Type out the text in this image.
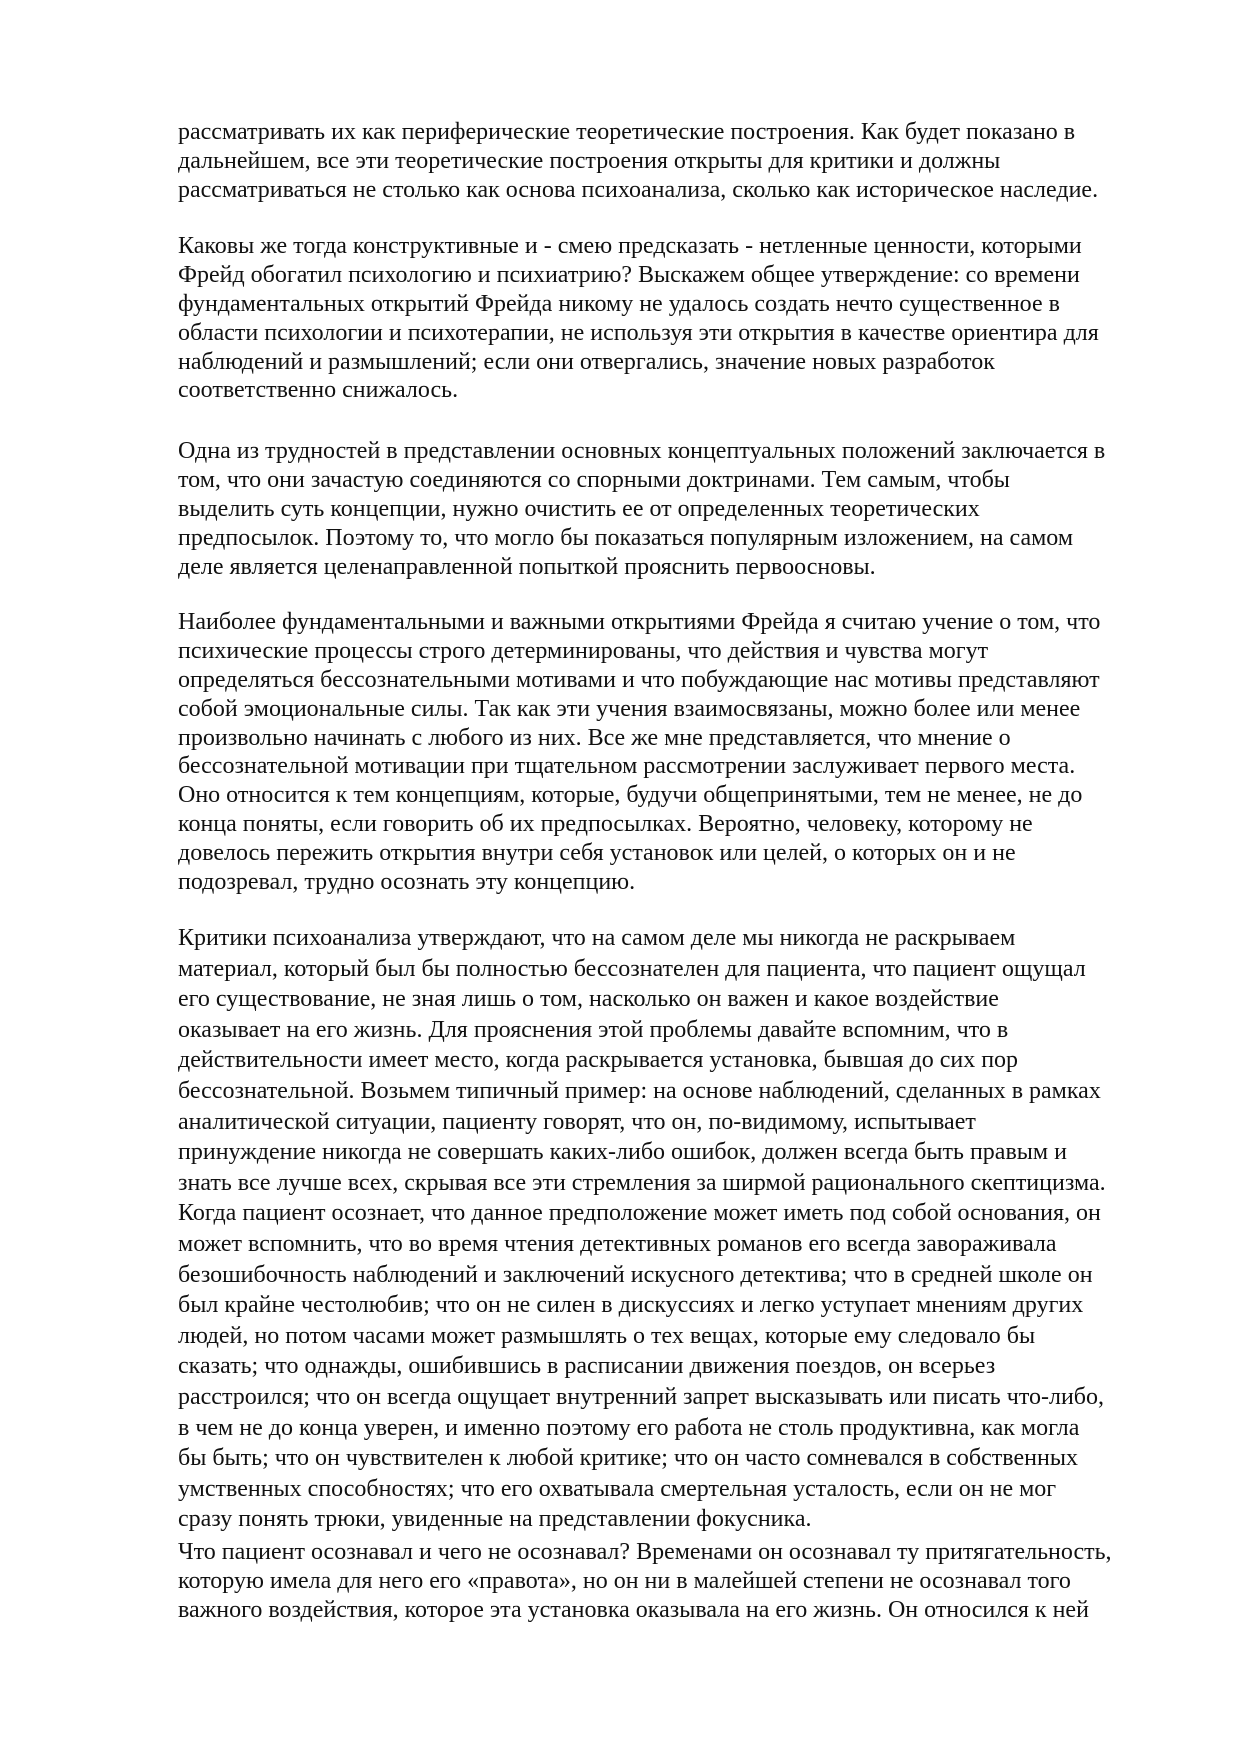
рассматривать их как периферические теоретические построения. Как будет показано в
дальнейшем, все эти теоретические построения открыты для критики и должны
рассматриваться не столько как основа психоанализа, сколько как историческое наследие.
Каковы же тогда конструктивные и - смею предсказать - нетленные ценности, которыми
Фрейд обогатил психологию и психиатрию? Выскажем общее утверждение: со времени
фундаментальных открытий Фрейда никому не удалось создать нечто существенное в
области психологии и психотерапии, не используя эти открытия в качестве ориентира для
наблюдений и размышлений; если они отвергались, значение новых разработок
соответственно снижалось.
Одна из трудностей в представлении основных концептуальных положений заключается в
том, что они зачастую соединяются со спорными доктринами. Тем самым, чтобы
выделить суть концепции, нужно очистить ее от определенных теоретических
предпосылок. Поэтому то, что могло бы показаться популярным изложением, на самом
деле является целенаправленной попыткой прояснить первоосновы.
Наиболее фундаментальными и важными открытиями Фрейда я считаю учение о том, что
психические процессы строго детерминированы, что действия и чувства могут
определяться бессознательными мотивами и что побуждающие нас мотивы представляют
собой эмоциональные силы. Так как эти учения взаимосвязаны, можно более или менее
произвольно начинать с любого из них. Все же мне представляется, что мнение о
бессознательной мотивации при тщательном рассмотрении заслуживает первого места.
Оно относится к тем концепциям, которые, будучи общепринятыми, тем не менее, не до
конца поняты, если говорить об их предпосылках. Вероятно, человеку, которому не
довелось пережить открытия внутри себя установок или целей, о которых он и не
подозревал, трудно осознать эту концепцию.
Критики психоанализа утверждают, что на самом деле мы никогда не раскрываем
материал, который был бы полностью бессознателен для пациента, что пациент ощущал
его существование, не зная лишь о том, насколько он важен и какое воздействие
оказывает на его жизнь. Для прояснения этой проблемы давайте вспомним, что в
действительности имеет место, когда раскрывается установка, бывшая до сих пор
бессознательной. Возьмем типичный пример: на основе наблюдений, сделанных в рамках
аналитической ситуации, пациенту говорят, что он, по-видимому, испытывает
принуждение никогда не совершать каких-либо ошибок, должен всегда быть правым и
знать все лучше всех, скрывая все эти стремления за ширмой рационального скептицизма.
Когда пациент осознает, что данное предположение может иметь под собой основания, он
может вспомнить, что во время чтения детективных романов его всегда завораживала
безошибочность наблюдений и заключений искусного детектива; что в средней школе он
был крайне честолюбив; что он не силен в дискуссиях и легко уступает мнениям других
людей, но потом часами может размышлять о тех вещах, которые ему следовало бы
сказать; что однажды, ошибившись в расписании движения поездов, он всерьез
расстроился; что он всегда ощущает внутренний запрет высказывать или писать что-либо,
в чем не до конца уверен, и именно поэтому его работа не столь продуктивна, как могла
бы быть; что он чувствителен к любой критике; что он часто сомневался в собственных
умственных способностях; что его охватывала смертельная усталость, если он не мог
сразу понять трюки, увиденные на представлении фокусника.
Что пациент осознавал и чего не осознавал? Временами он осознавал ту притягательность,
которую имела для него его «правота», но он ни в малейшей степени не осознавал того
важного воздействия, которое эта установка оказывала на его жизнь. Он относился к ней
